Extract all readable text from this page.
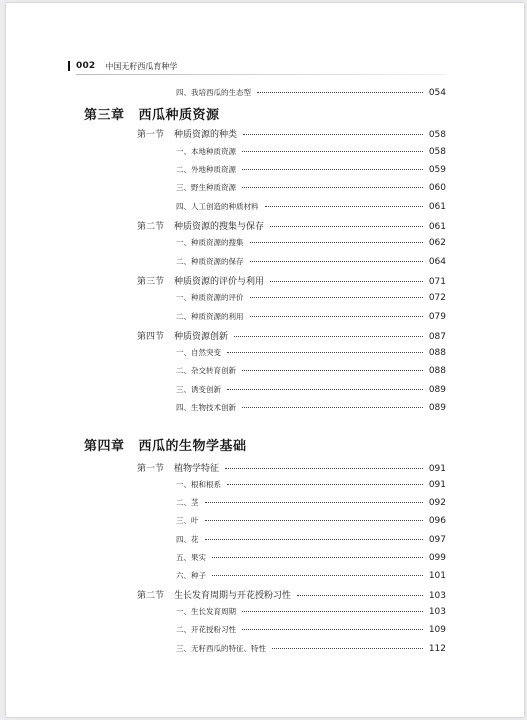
002 中国无籽西瓜育种学
第三章 西瓜种质资源
第四章 西瓜的生物学基础
四、我培西瓜的生态型	054
第一节 种质资源的种类	058
一、本地种质资源	058
二、外地种质资源	059
三、野生种质资源	060
四、人工创造的种质材料	061
第二节 种质资源的搜集与保存	061
一、种质资源的搜集	062
二、种质资源的保存	064
第三节 种质资源的评价与利用	071
一、种质资源的评价	072
二、种质资源的利用	079
第四节 种质资源创新	087
一、自然突变	088
二、杂交转育创新	088
三、诱变创新	089
四、生物技术创新	089
第一节 植物学特征	091
一、根和根系	091
二、茎	092
三、叶	096
四、花	097
五、果实	099
六、种子	101
第二节 生长发育周期与开花授粉习性	103
一、生长发育周期	103
二、开花授粉习性	109
三、无籽西瓜的特征、特性	112
